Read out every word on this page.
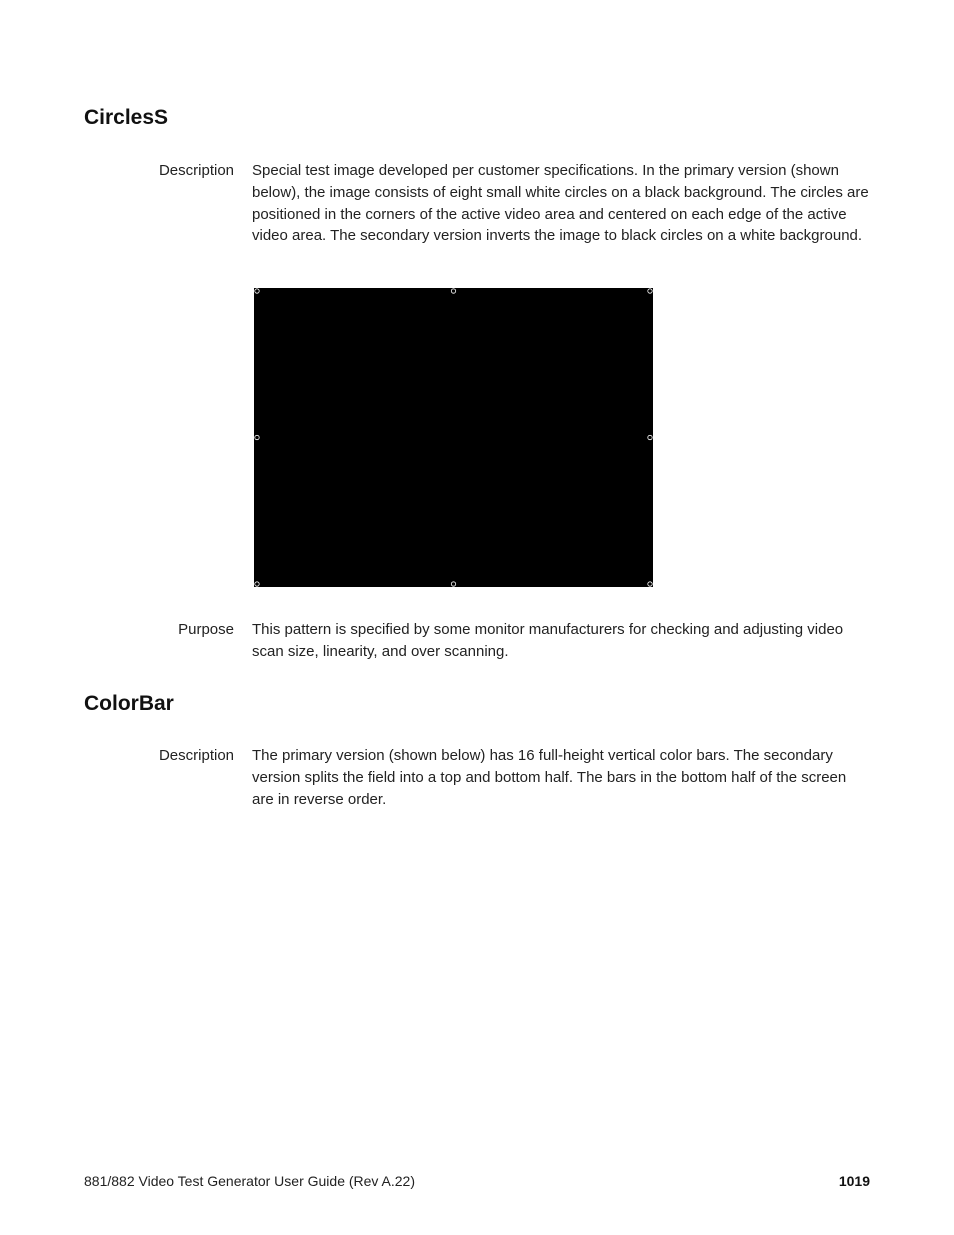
CirclesS
Description Special test image developed per customer specifications. In the primary version (shown below), the image consists of eight small white circles on a black background. The circles are positioned in the corners of the active video area and centered on each edge of the active video area. The secondary version inverts the image to black circles on a white background.

Purpose This pattern is specified by some monitor manufacturers for checking and adjusting video scan size, linearity, and over scanning.

ColorBar
Description The primary version (shown below) has 16 full-height vertical color bars. The secondary version splits the field into a top and bottom half. The bars in the bottom half of the screen are in reverse order.

881/882 Video Test Generator User Guide (Rev A.22)	1019
